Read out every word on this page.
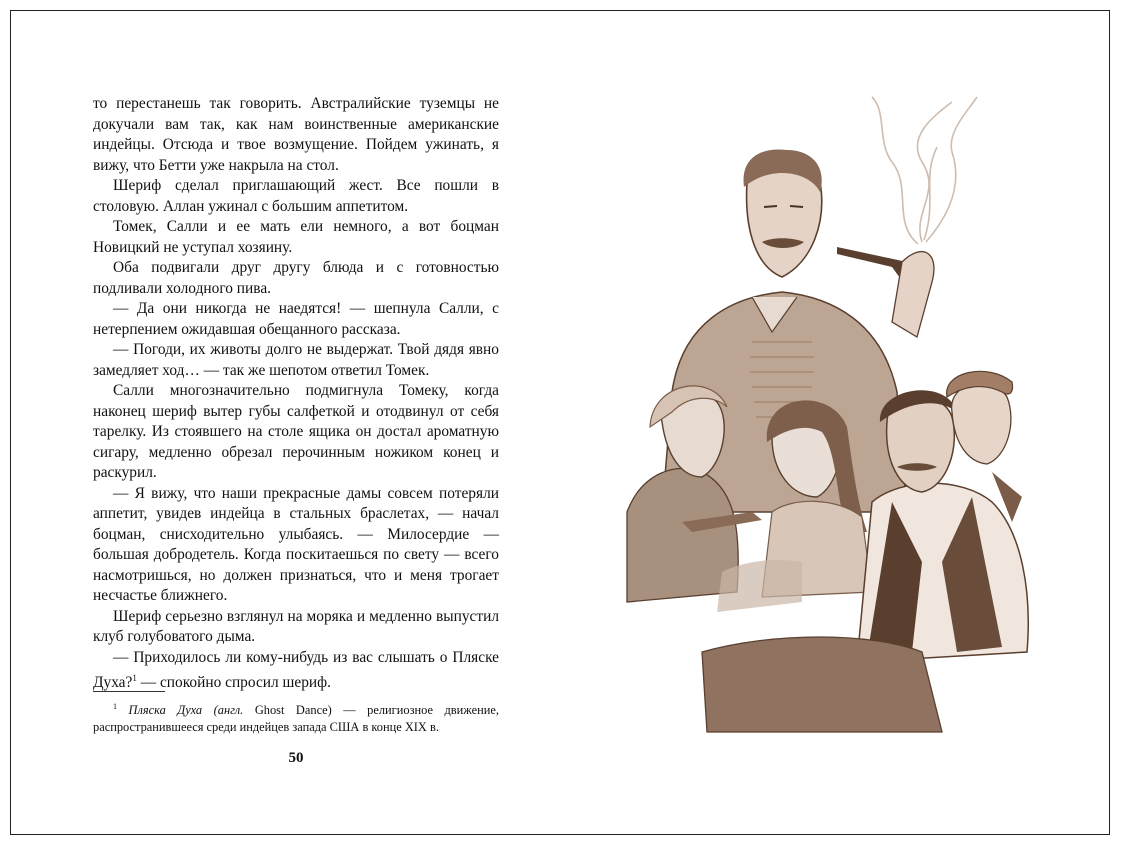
то перестанешь так говорить. Австралийские туземцы не докучали вам так, как нам воинственные американские индейцы. Отсюда и твое возмущение. Пойдем ужинать, я вижу, что Бетти уже накрыла на стол.

Шериф сделал приглашающий жест. Все пошли в столовую. Аллан ужинал с большим аппетитом.

Томек, Салли и ее мать ели немного, а вот боцман Новицкий не уступал хозяину.

Оба подвигали друг другу блюда и с готовностью подливали холодного пива.

— Да они никогда не наедятся! — шепнула Салли, с нетерпением ожидавшая обещанного рассказа.

— Погоди, их животы долго не выдержат. Твой дядя явно замедляет ход… — так же шепотом ответил Томек.

Салли многозначительно подмигнула Томеку, когда наконец шериф вытер губы салфеткой и отодвинул от себя тарелку. Из стоявшего на столе ящика он достал ароматную сигару, медленно обрезал перочинным ножиком конец и раскурил.

— Я вижу, что наши прекрасные дамы совсем потеряли аппетит, увидев индейца в стальных браслетах, — начал боцман, снисходительно улыбаясь. — Милосердие — большая добродетель. Когда поскитаешься по свету — всего насмотришься, но должен признаться, что и меня трогает несчастье ближнего.

Шериф серьезно взглянул на моряка и медленно выпустил клуб голубоватого дыма.

— Приходилось ли кому-нибудь из вас слышать о Пляске Духа?$^1$ — спокойно спросил шериф.

$^1$ Пляска Духа (англ. Ghost Dance) — религиозное движение, распространившееся среди индейцев запада США в конце XIX в.
50
